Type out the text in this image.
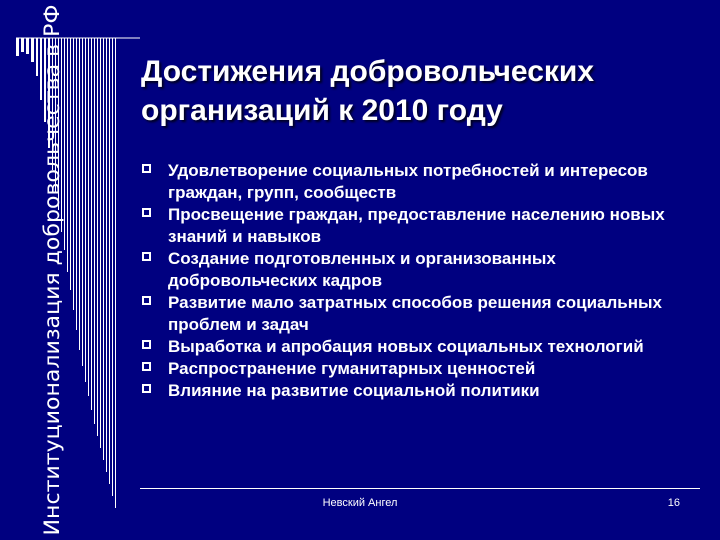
Институционализация добровольчества в РФ	Достижения добровольческих
организаций к 2010 году
Удовлетворение социальных потребностей и интересов граждан, групп, сообществ
Просвещение граждан, предоставление населению новых знаний и навыков
Создание подготовленных и организованных добровольческих кадров
Развитие мало затратных способов решения социальных проблем и задач
Выработка и апробация новых социальных технологий
Распространение гуманитарных ценностей
Влияние на развитие социальной политики
Невский Ангел	16
